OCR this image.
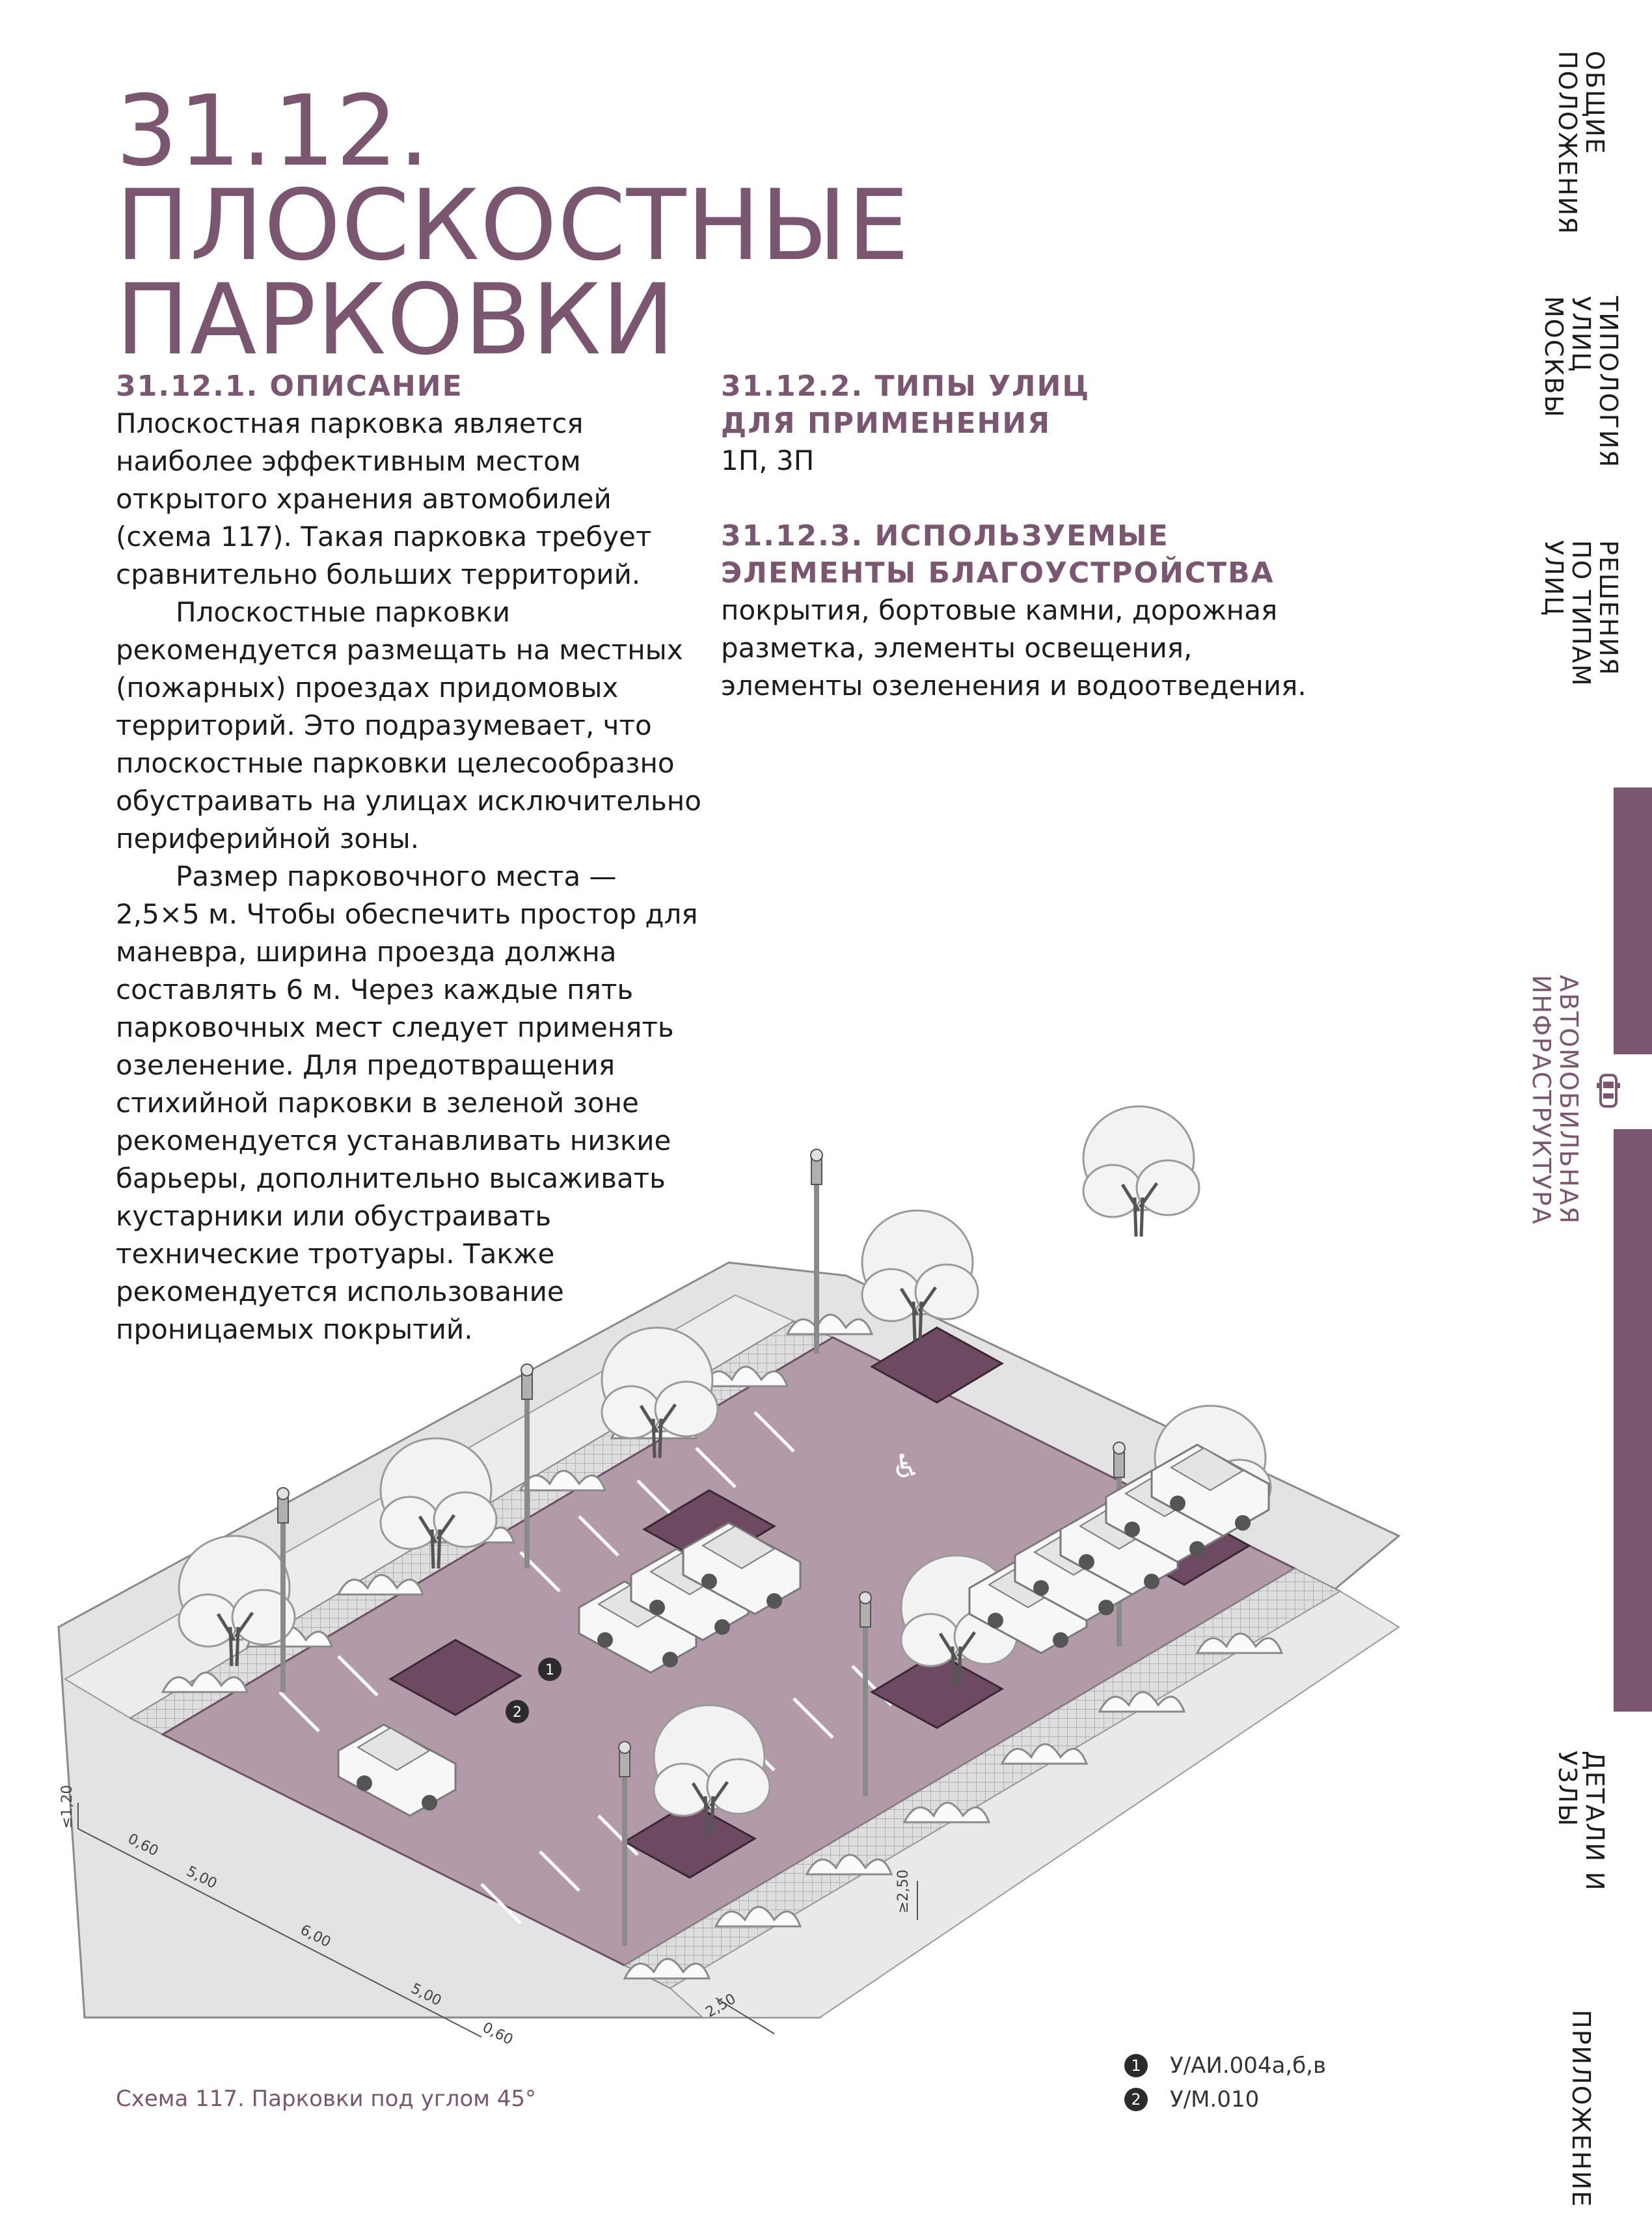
31.12. ПЛОСКОСТНЫЕ
ПАРКОВКИ
31.12.1. ОПИСАНИЕ

Плоскостная парковка является наиболее эффективным местом открытого хранения автомобилей (схема 117). Такая парковка требует сравнительно больших территорий.

Плоскостные парковки рекомендуется размещать на местных (пожарных) проездах придомовых территорий. Это подразумевает, что плоскостные парковки целесообразно обустраивать на улицах исключительно периферийной зоны.

Размер парковочного места — 2,5×5 м. Чтобы обеспечить простор для маневра, ширина проезда должна составлять 6 м. Через каждые пять парковочных мест следует применять озеленение. Для предотвращения стихийной парковки в зеленой зоне рекомендуется устанавливать низкие барьеры, дополнительно высаживать кустарники или обустраивать технические тротуары. Также рекомендуется использование проницаемых покрытий.

31.12.2. ТИПЫ УЛИЦ
ДЛЯ ПРИМЕНЕНИЯ

1П, 3П

31.12.3. ИСПОЛЬЗУЕМЫЕ
ЭЛЕМЕНТЫ БЛАГОУСТРОЙСТВА

покрытия, бортовые камни, дорожная разметка, элементы освещения, элементы озеленения и водоотведения.

ОБЩИЕ
ПОЛОЖЕНИЯ
ТИПОЛОГИЯ
УЛИЦ МОСКВЫ
РЕШЕНИЯ
ПО ТИПАМ УЛИЦ
АВТОМОБИЛЬНАЯ
ИНФРАСТРУКТУРА
ДЕТАЛИ И УЗЛЫ
ПРИЛОЖЕНИЕ
♿
1
2
≤1,20
0,60
5,00
6,00
5,00
0,60
2,50
≥2,50
Схема 117. Парковки под углом 45°
1	У/АИ.004а,б,в
2	У/М.010
